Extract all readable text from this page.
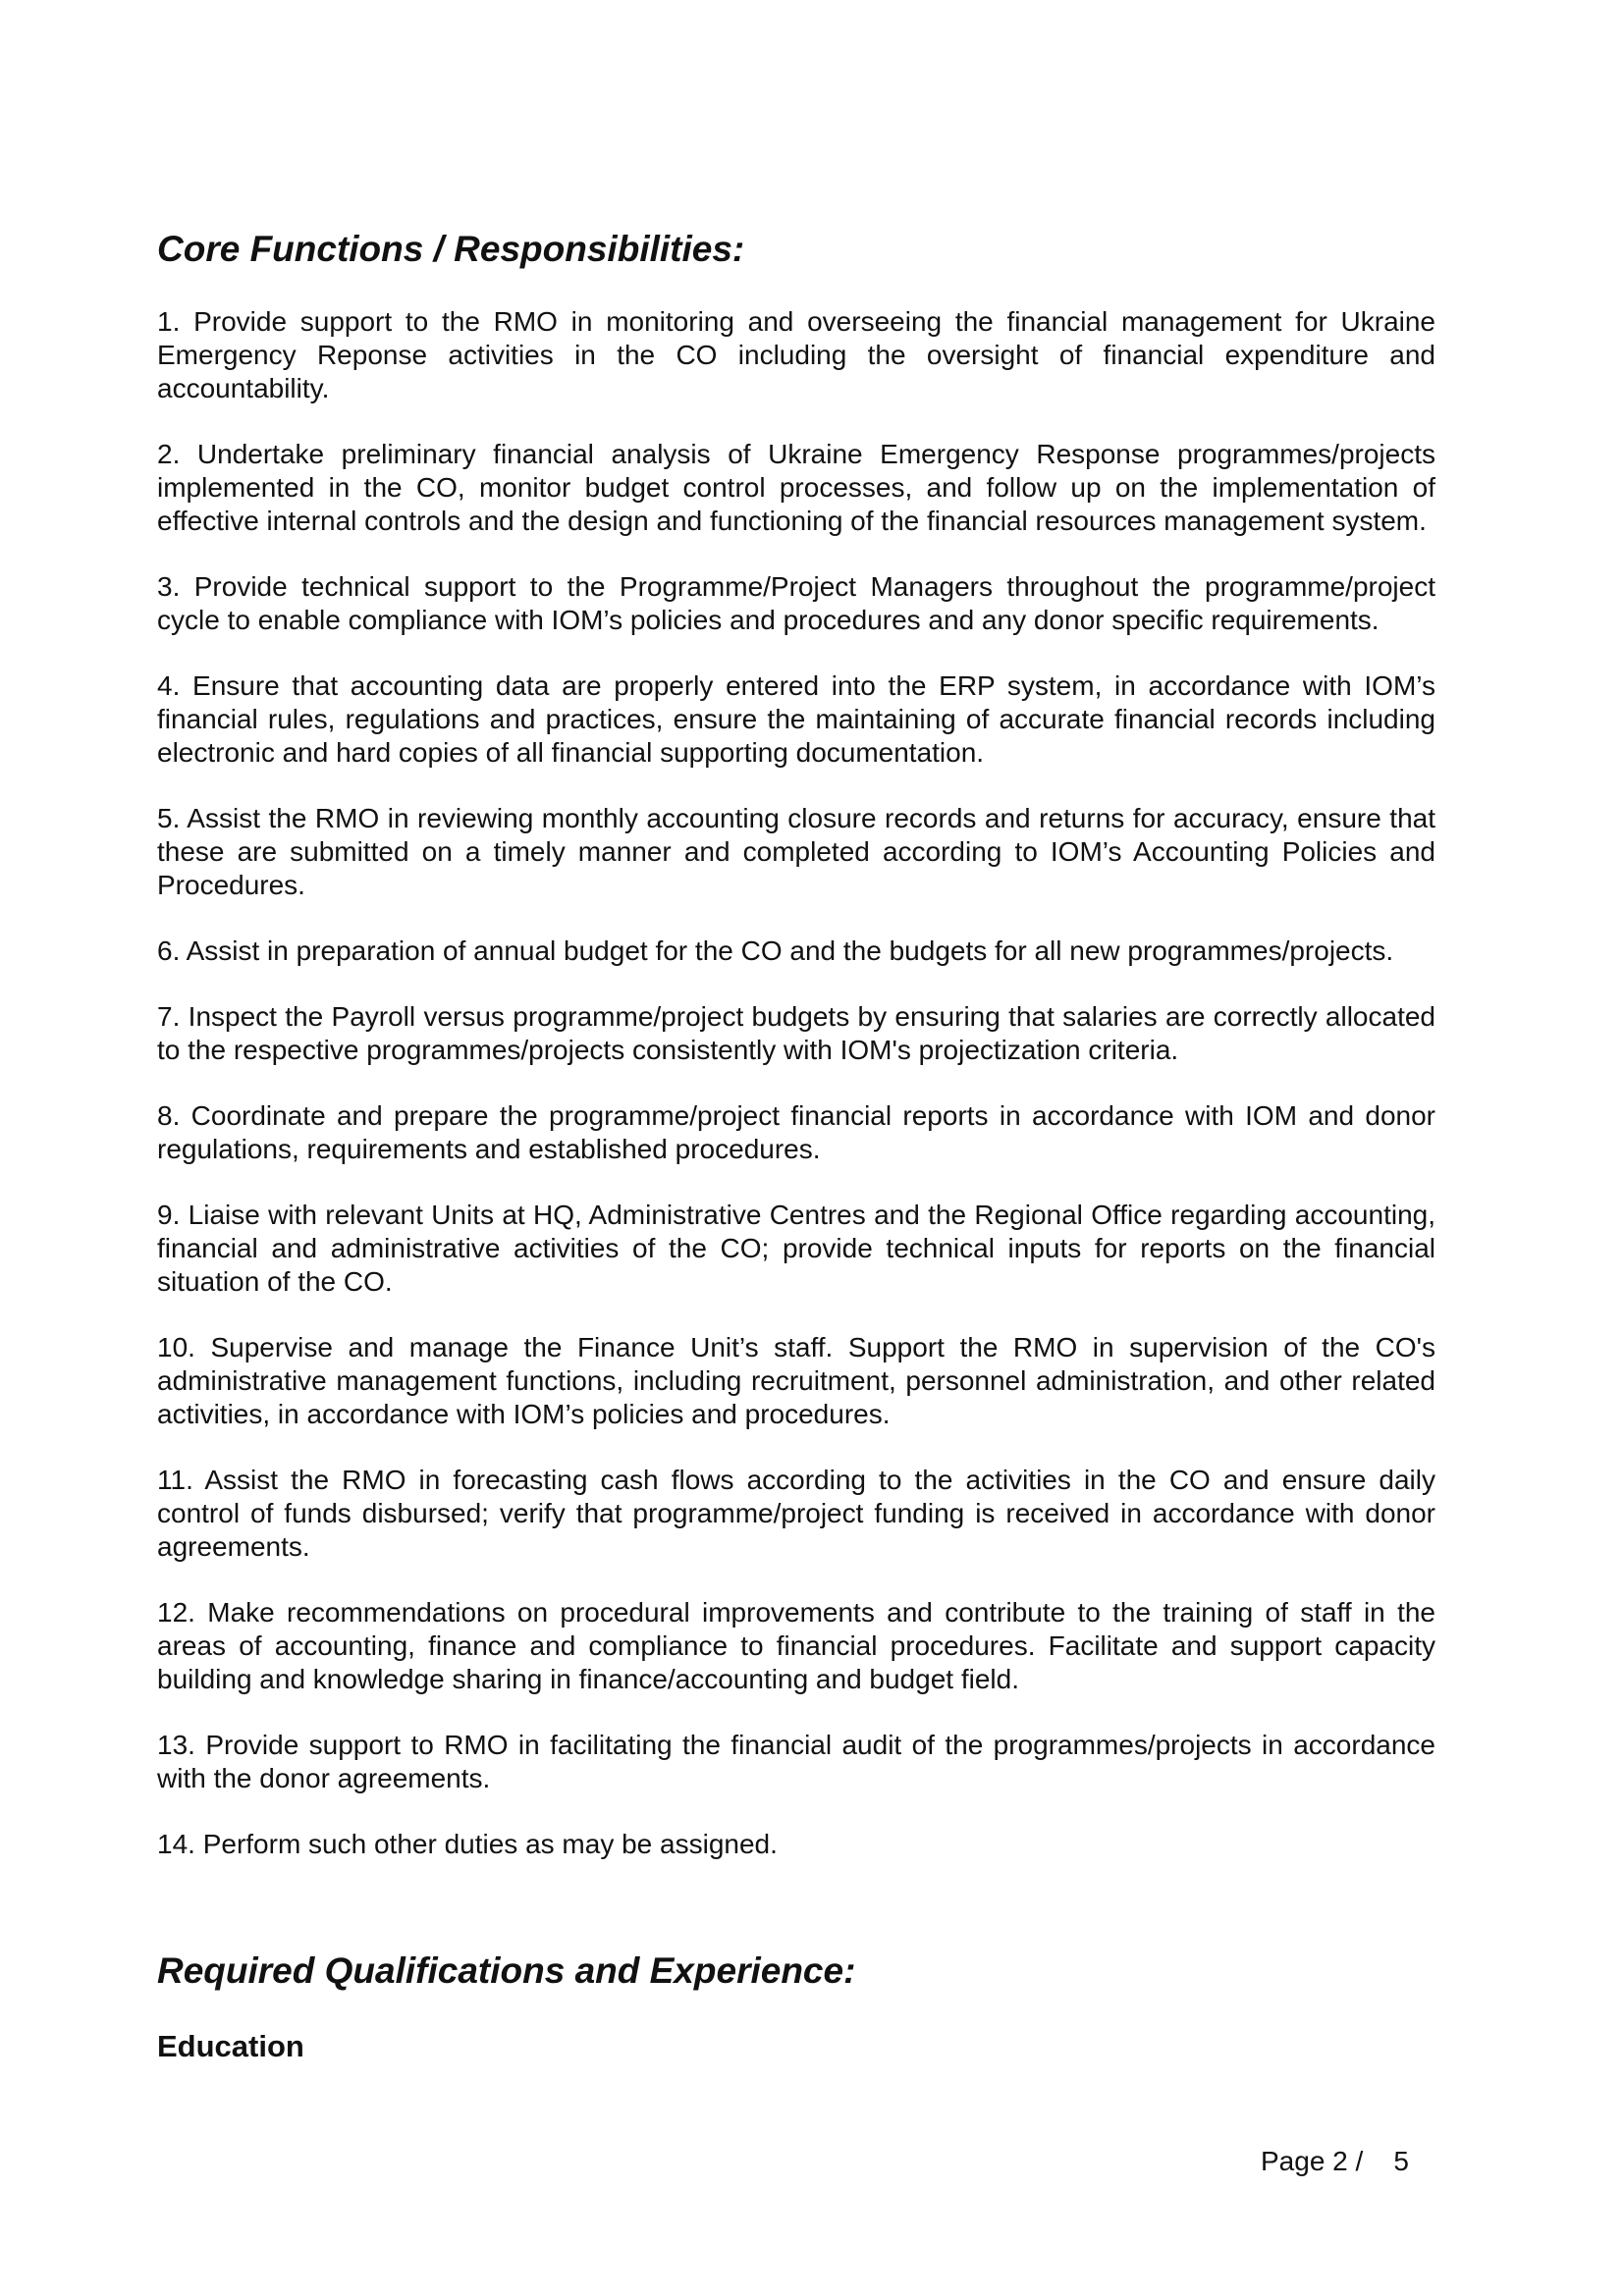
Core Functions / Responsibilities:

1. Provide support to the RMO in monitoring and overseeing the financial management for Ukraine Emergency Reponse activities in the CO including the oversight of financial expenditure and accountability.

2. Undertake preliminary financial analysis of Ukraine Emergency Response programmes/projects implemented in the CO, monitor budget control processes, and follow up on the implementation of effective internal controls and the design and functioning of the financial resources management system.

3. Provide technical support to the Programme/Project Managers throughout the programme/project cycle to enable compliance with IOM’s policies and procedures and any donor specific requirements.

4. Ensure that accounting data are properly entered into the ERP system, in accordance with IOM’s financial rules, regulations and practices, ensure the maintaining of accurate financial records including electronic and hard copies of all financial supporting documentation.

5. Assist the RMO in reviewing monthly accounting closure records and returns for accuracy, ensure that these are submitted on a timely manner and completed according to IOM’s Accounting Policies and Procedures.

6. Assist in preparation of annual budget for the CO and the budgets for all new programmes/projects.

7. Inspect the Payroll versus programme/project budgets by ensuring that salaries are correctly allocated to the respective programmes/projects consistently with IOM's projectization criteria.

8. Coordinate and prepare the programme/project financial reports in accordance with IOM and donor regulations, requirements and established procedures.

9. Liaise with relevant Units at HQ, Administrative Centres and the Regional Office regarding accounting, financial and administrative activities of the CO; provide technical inputs for reports on the financial situation of the CO.

10. Supervise and manage the Finance Unit’s staff. Support the RMO in supervision of the CO's administrative management functions, including recruitment, personnel administration, and other related activities, in accordance with IOM’s policies and procedures.

11. Assist the RMO in forecasting cash flows according to the activities in the CO and ensure daily control of funds disbursed; verify that programme/project funding is received in accordance with donor agreements.

12. Make recommendations on procedural improvements and contribute to the training of staff in the areas of accounting, finance and compliance to financial procedures. Facilitate and support capacity building and knowledge sharing in finance/accounting and budget field.

13. Provide support to RMO in facilitating the financial audit of the programmes/projects in accordance with the donor agreements.

14. Perform such other duties as may be assigned.

Required Qualifications and Experience:
Education
Page 2 /    5
